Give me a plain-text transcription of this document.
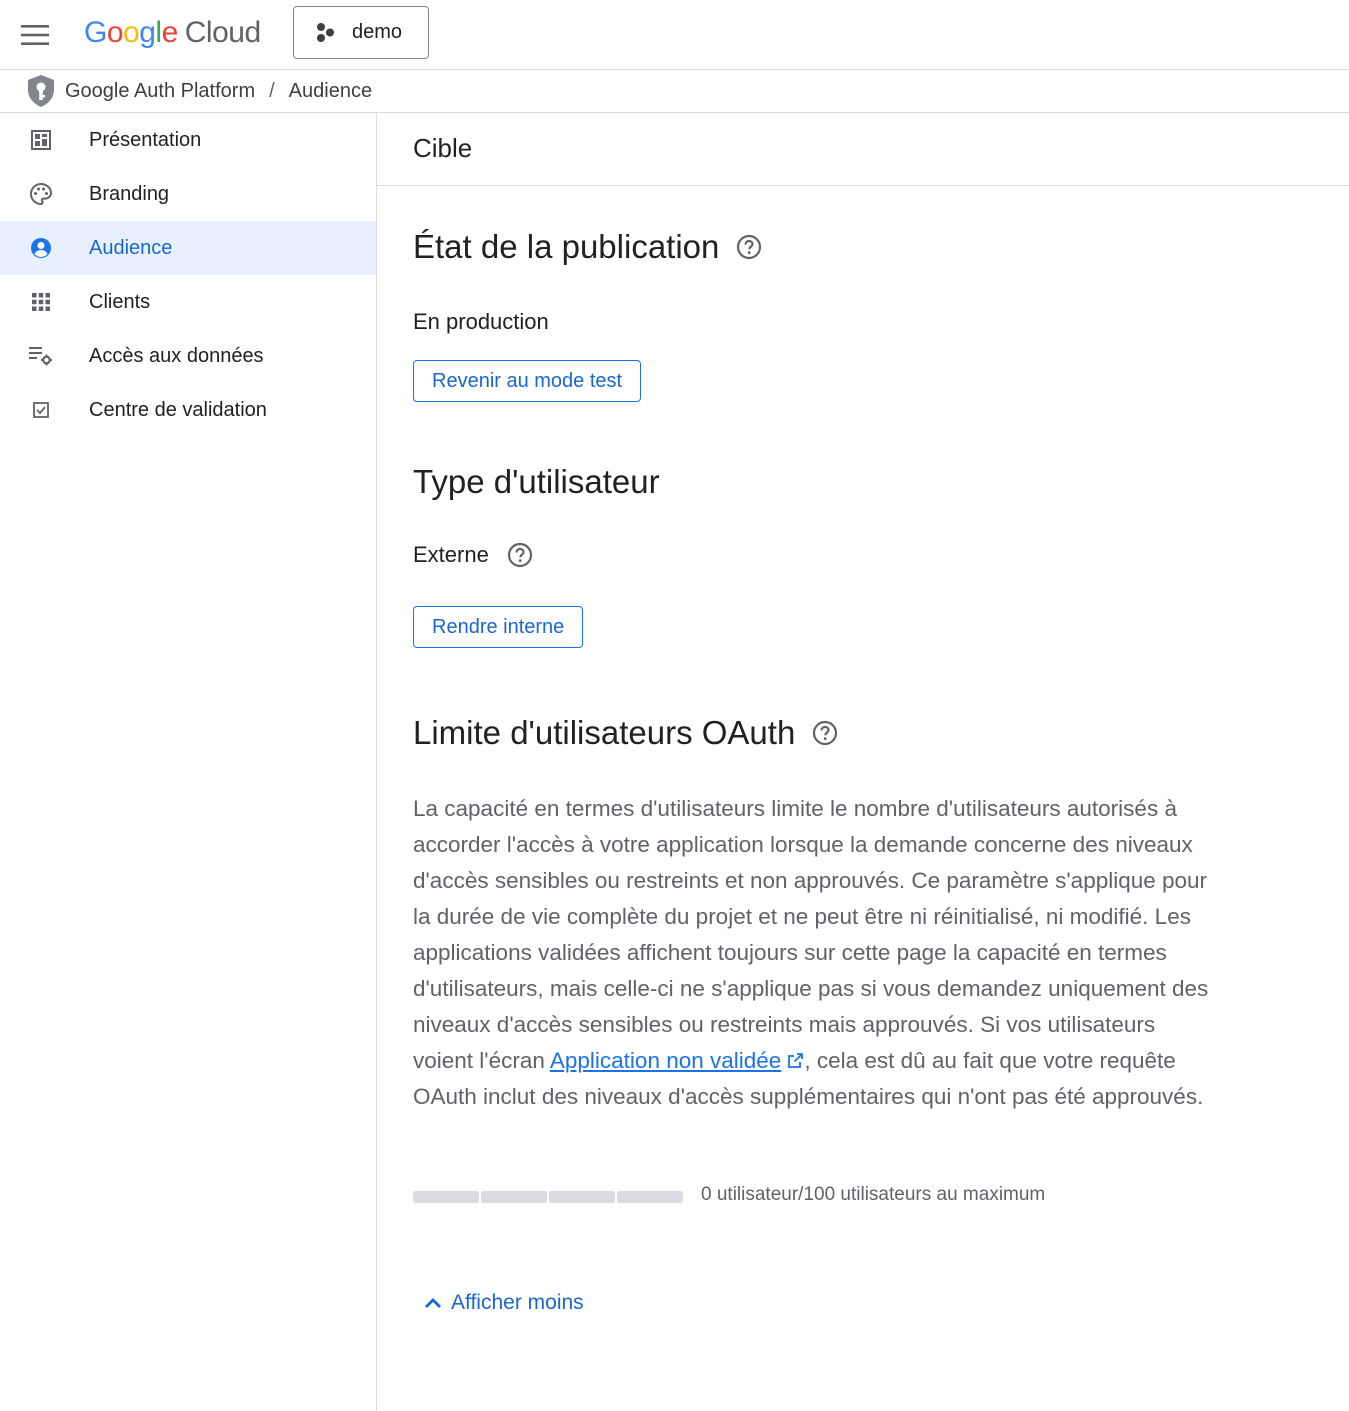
G o o g l e Cloud	demo
Google Auth Platform / Audience
Présentation
Branding
Audience
Clients
Accès aux données
Centre de validation
Cible
État de la publication
En production
Revenir au mode test
Type d'utilisateur
Externe
Rendre interne
Limite d'utilisateurs OAuth

La capacité en termes d'utilisateurs limite le nombre d'utilisateurs autorisés à accorder l'accès à votre application lorsque la demande concerne des niveaux d'accès sensibles ou restreints et non approuvés. Ce paramètre s'applique pour la durée de vie complète du projet et ne peut être ni réinitialisé, ni modifié. Les applications validées affichent toujours sur cette page la capacité en termes d'utilisateurs, mais celle-ci ne s'applique pas si vous demandez uniquement des niveaux d'accès sensibles ou restreints mais approuvés. Si vos utilisateurs voient l'écran Application non validée , cela est dû au fait que votre requête OAuth inclut des niveaux d'accès supplémentaires qui n'ont pas été approuvés.

0 utilisateur/100 utilisateurs au maximum
Afficher moins
